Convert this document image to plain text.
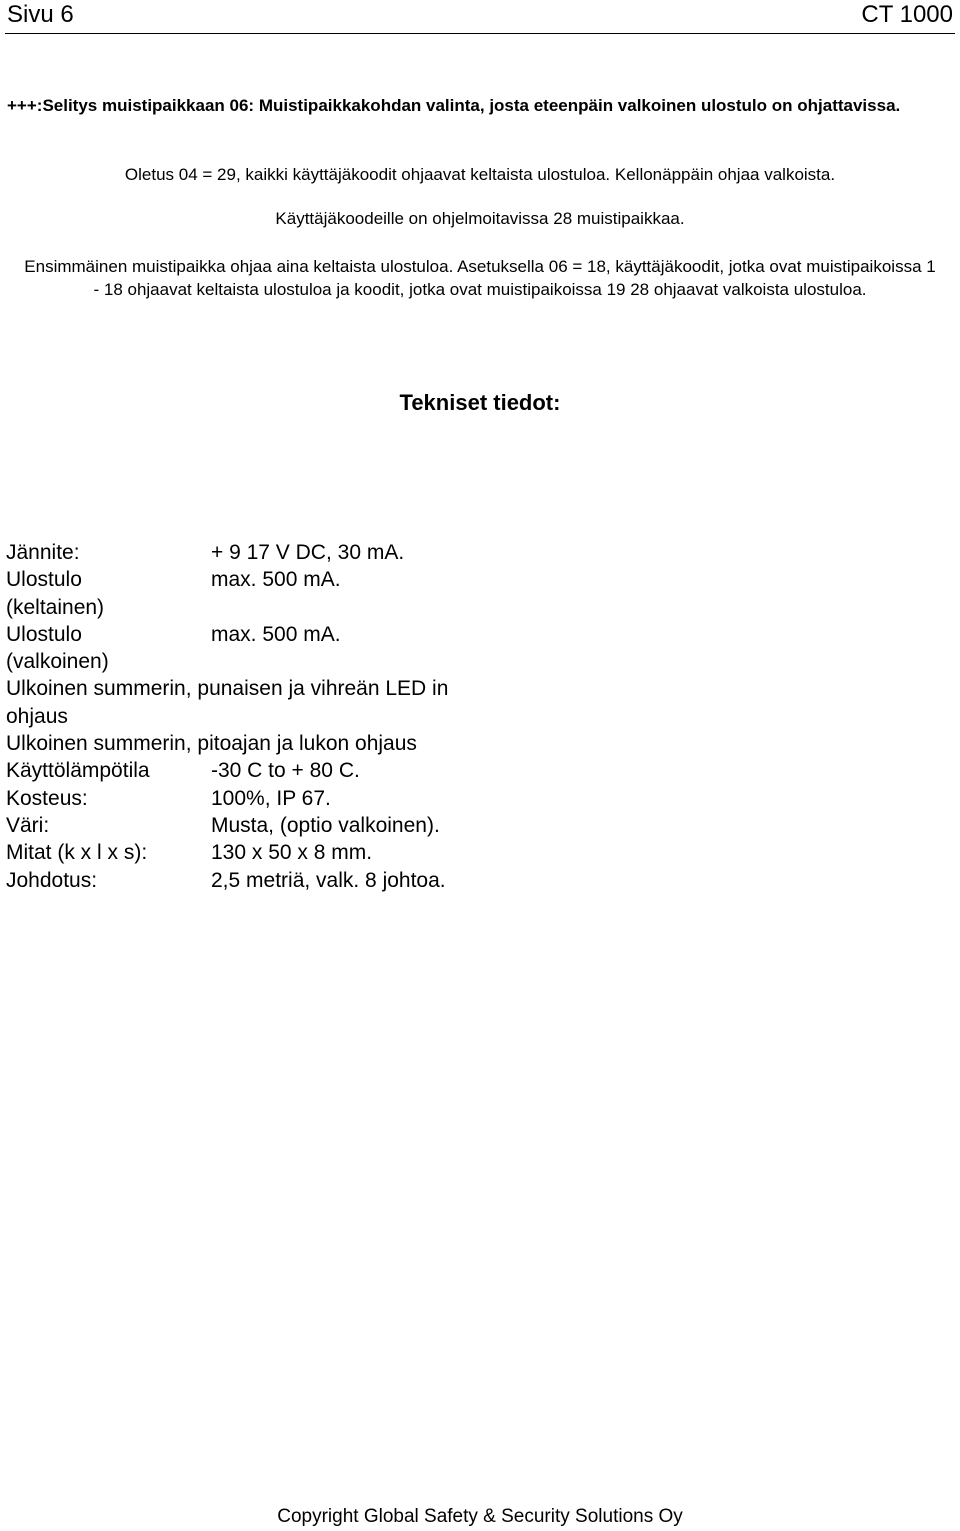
Sivu 6	CT 1000
+++:Selitys muistipaikkaan 06: Muistipaikkakohdan valinta, josta eteenpäin valkoinen ulostulo on ohjattavissa.
Oletus 04 = 29, kaikki käyttäjäkoodit ohjaavat keltaista ulostuloa. Kellonäppäin ohjaa valkoista.
Käyttäjäkoodeille on ohjelmoitavissa 28 muistipaikkaa.
Ensimmäinen muistipaikka ohjaa aina keltaista ulostuloa. Asetuksella 06 = 18, käyttäjäkoodit, jotka ovat muistipaikoissa 1 - 18 ohjaavat keltaista ulostuloa ja koodit, jotka ovat muistipaikoissa 19 28 ohjaavat valkoista ulostuloa.
Tekniset tiedot:
Jännite:	+ 9 17 V DC, 30 mA.
Ulostulo	max. 500 mA.
(keltainen)
Ulostulo	max. 500 mA.
(valkoinen)
Ulkoinen summerin, punaisen ja vihreän LED in
ohjaus
Ulkoinen summerin, pitoajan ja lukon ohjaus
Käyttölämpötila	-30 C to + 80 C.
Kosteus:	100%, IP 67.
Väri:	Musta, (optio valkoinen).
Mitat (k x l x s):	130 x 50 x 8 mm.
Johdotus:	2,5 metriä, valk. 8 johtoa.
Copyright Global Safety & Security Solutions Oy
